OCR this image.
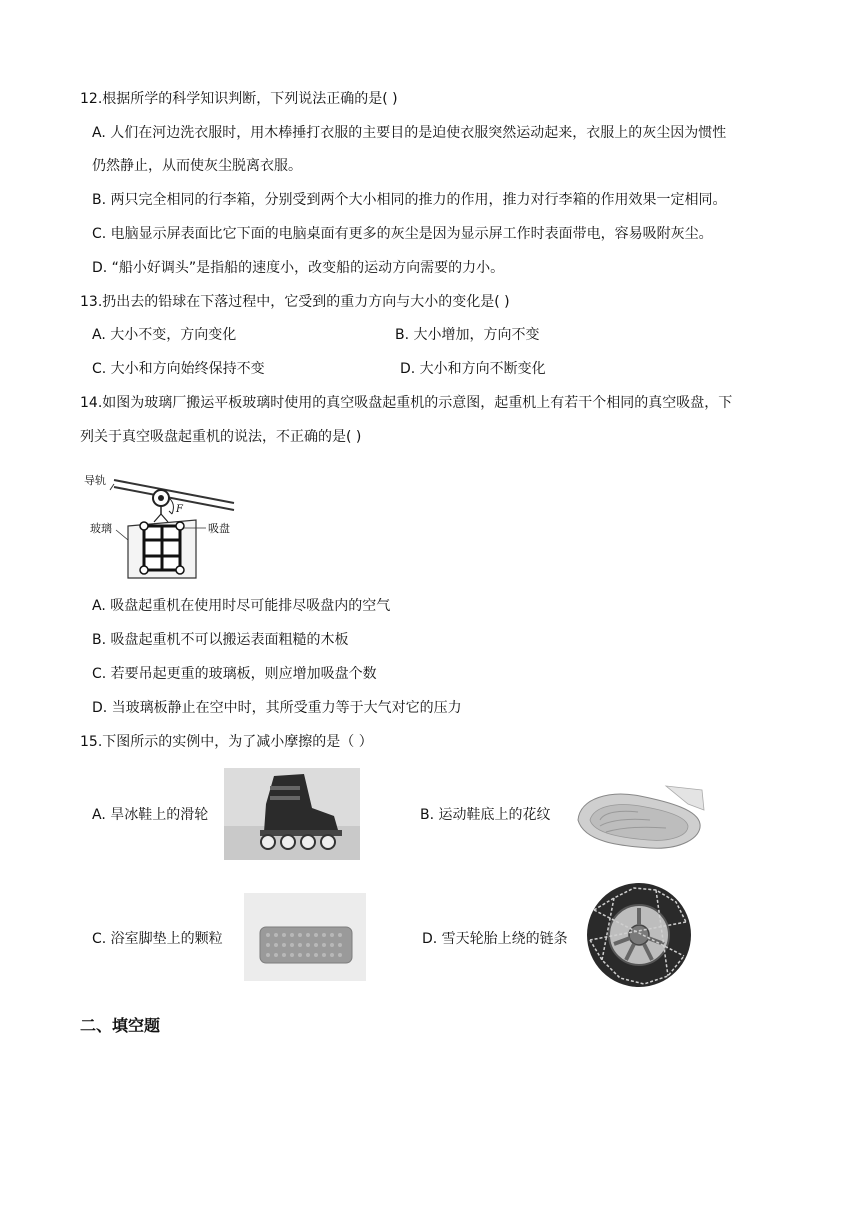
12.根据所学的科学知识判断，下列说法正确的是( )
A. 人们在河边洗衣服时，用木棒捶打衣服的主要目的是迫使衣服突然运动起来，衣服上的灰尘因为惯性
仍然静止，从而使灰尘脱离衣服。
B. 两只完全相同的行李箱，分别受到两个大小相同的推力的作用，推力对行李箱的作用效果一定相同。
C. 电脑显示屏表面比它下面的电脑桌面有更多的灰尘是因为显示屏工作时表面带电，容易吸附灰尘。
D. “船小好调头”是指船的速度小，改变船的运动方向需要的力小。
13.扔出去的铅球在下落过程中，它受到的重力方向与大小的变化是( )
A. 大小不变，方向变化	B. 大小增加，方向不变
C. 大小和方向始终保持不变	D. 大小和方向不断变化
14.如图为玻璃厂搬运平板玻璃时使用的真空吸盘起重机的示意图，起重机上有若干个相同的真空吸盘，下
列关于真空吸盘起重机的说法，不正确的是( )
导轨
F
玻璃	吸盘
A. 吸盘起重机在使用时尽可能排尽吸盘内的空气
B. 吸盘起重机不可以搬运表面粗糙的木板
C. 若要吊起更重的玻璃板，则应增加吸盘个数
D. 当玻璃板静止在空中时，其所受重力等于大气对它的压力
15.下图所示的实例中，为了减小摩擦的是（ ）
A. 旱冰鞋上的滑轮	B. 运动鞋底上的花纹
C. 浴室脚垫上的颗粒	D. 雪天轮胎上绕的链条
二、填空题
